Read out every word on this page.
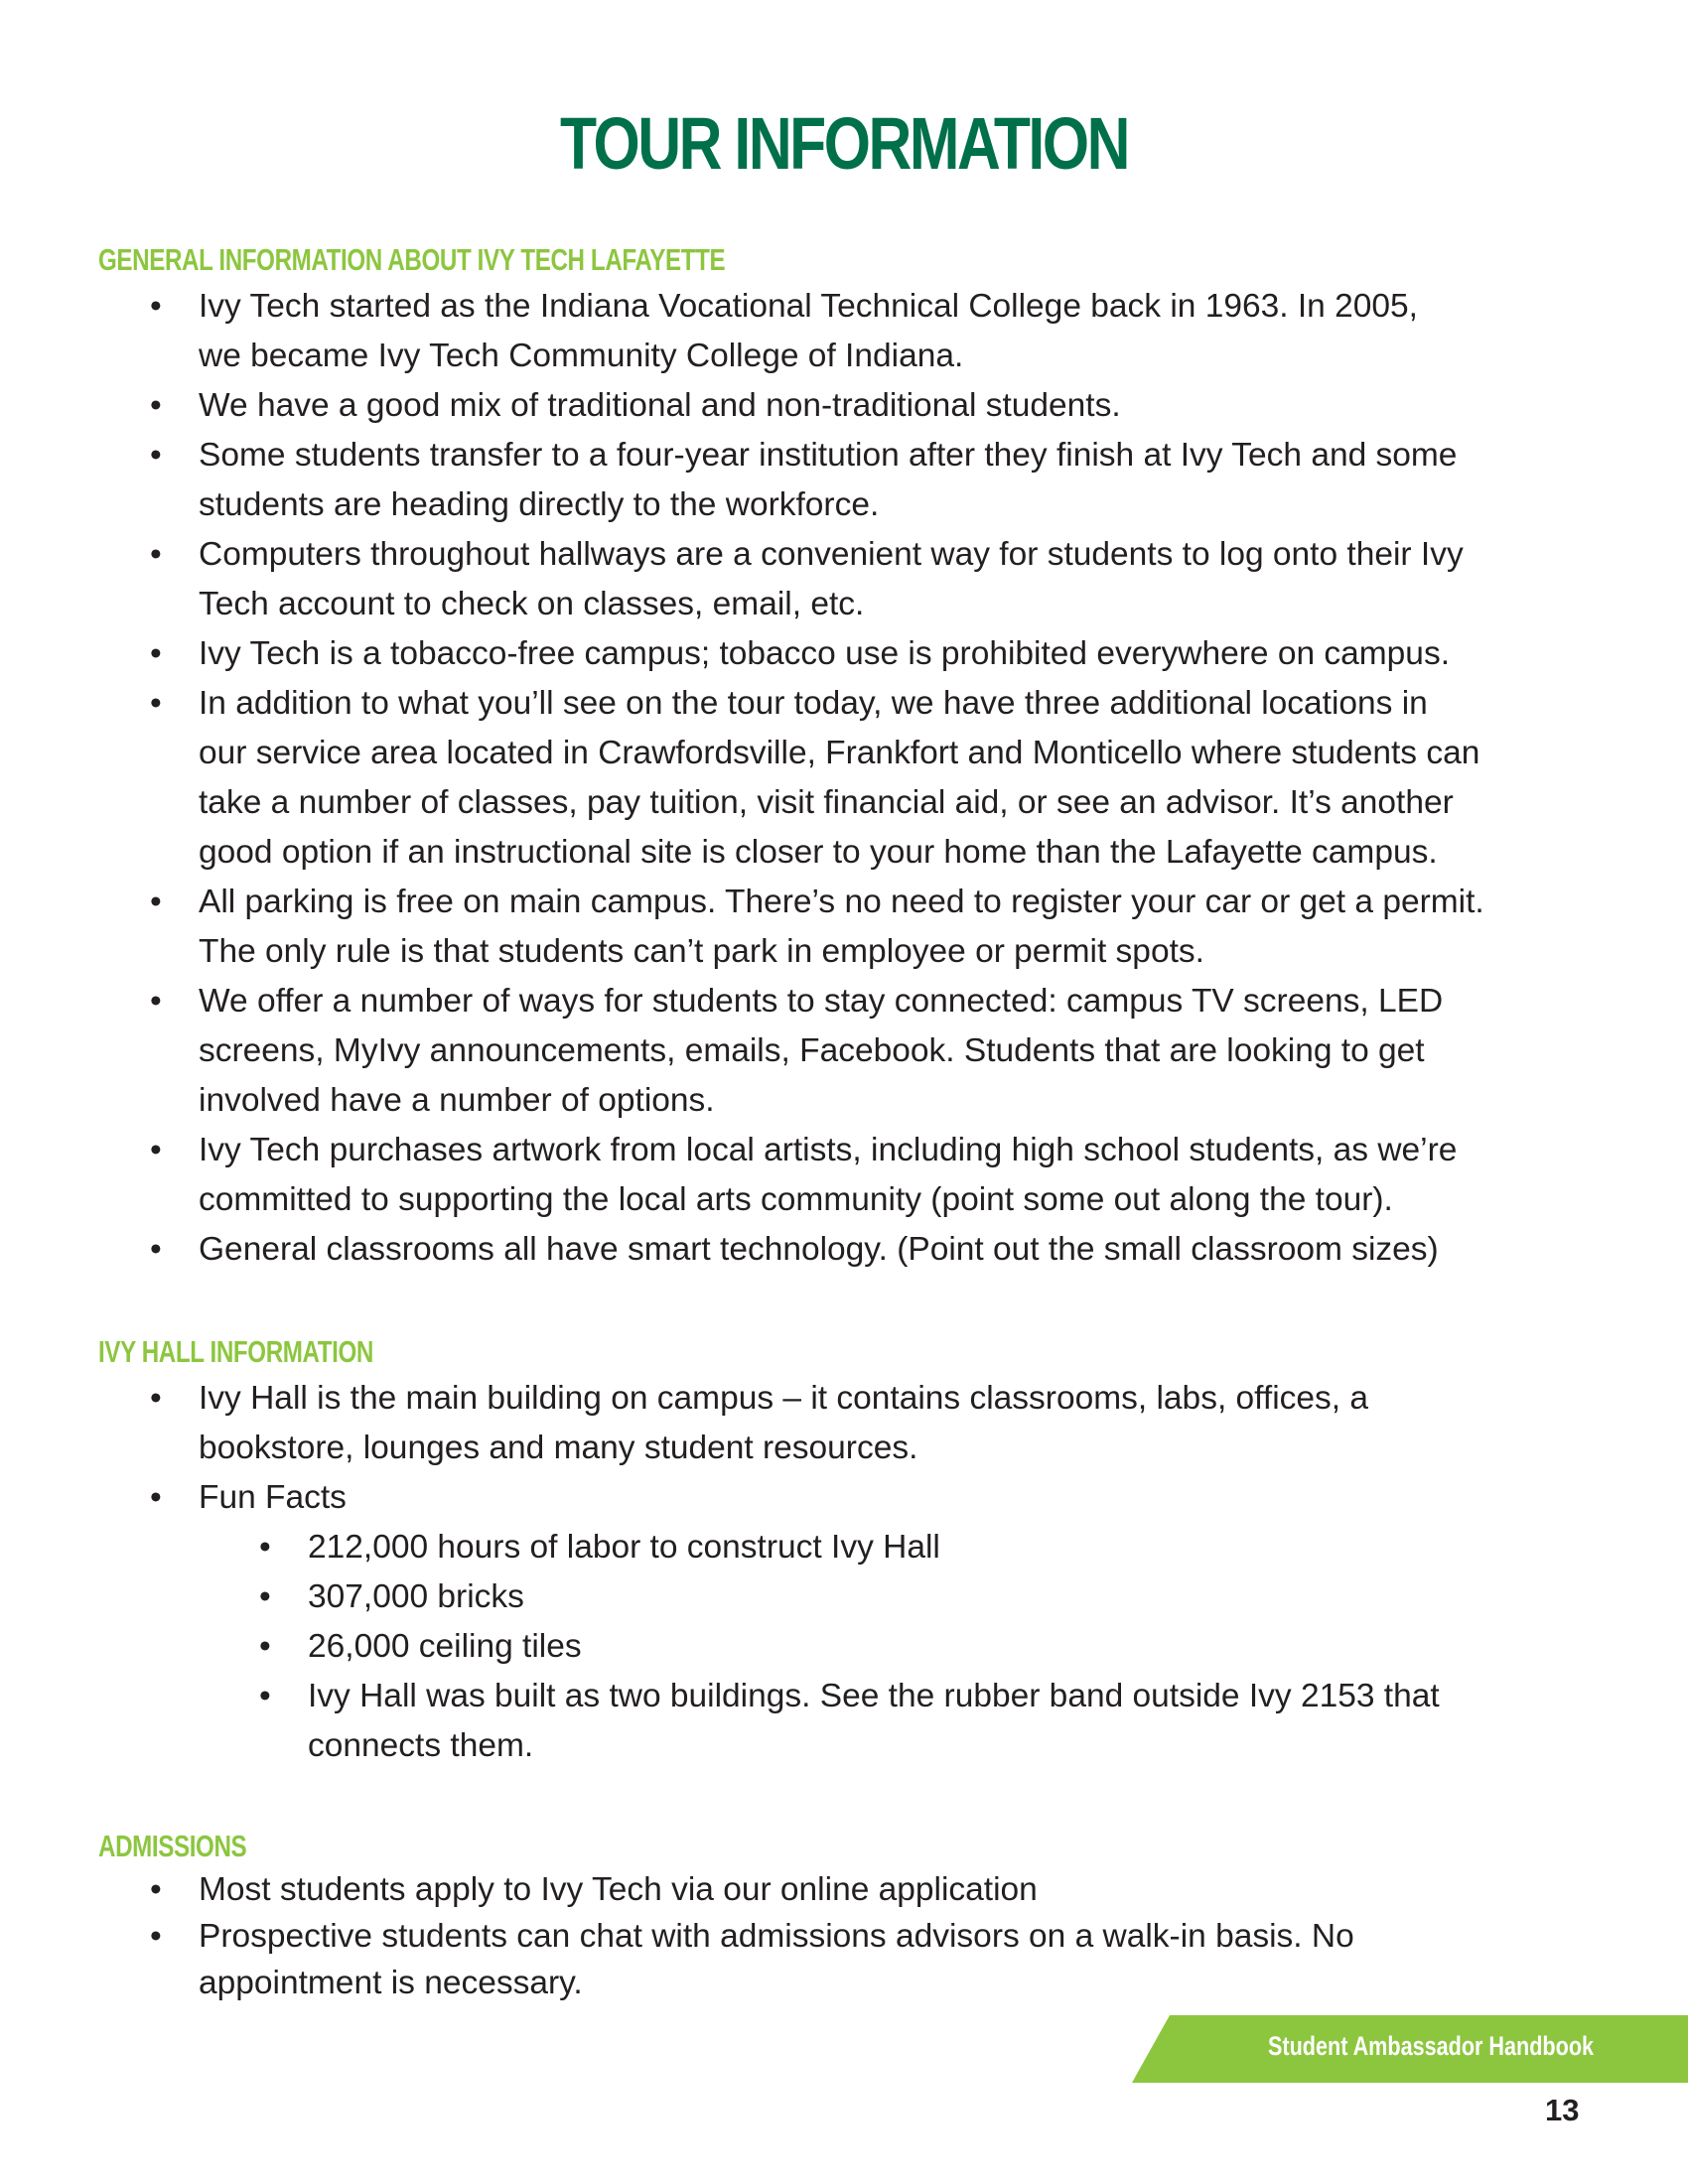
TOUR INFORMATION
GENERAL INFORMATION ABOUT IVY TECH LAFAYETTE
• Ivy Tech started as the Indiana Vocational Technical College back in 1963. In 2005,
we became Ivy Tech Community College of Indiana.
• We have a good mix of traditional and non-traditional students.
• Some students transfer to a four-year institution after they finish at Ivy Tech and some
students are heading directly to the workforce.
• Computers throughout hallways are a convenient way for students to log onto their Ivy
Tech account to check on classes, email, etc.
• Ivy Tech is a tobacco-free campus; tobacco use is prohibited everywhere on campus.
• In addition to what you’ll see on the tour today, we have three additional locations in
our service area located in Crawfordsville, Frankfort and Monticello where students can
take a number of classes, pay tuition, visit financial aid, or see an advisor. It’s another
good option if an instructional site is closer to your home than the Lafayette campus.
• All parking is free on main campus. There’s no need to register your car or get a permit.
The only rule is that students can’t park in employee or permit spots.
• We offer a number of ways for students to stay connected: campus TV screens, LED
screens, MyIvy announcements, emails, Facebook. Students that are looking to get
involved have a number of options.
• Ivy Tech purchases artwork from local artists, including high school students, as we’re
committed to supporting the local arts community (point some out along the tour).
• General classrooms all have smart technology. (Point out the small classroom sizes)
IVY HALL INFORMATION
• Ivy Hall is the main building on campus – it contains classrooms, labs, offices, a
bookstore, lounges and many student resources.
• Fun Facts
• 212,000 hours of labor to construct Ivy Hall
• 307,000 bricks
• 26,000 ceiling tiles
• Ivy Hall was built as two buildings. See the rubber band outside Ivy 2153 that
connects them.
ADMISSIONS
• Most students apply to Ivy Tech via our online application
• Prospective students can chat with admissions advisors on a walk-in basis. No
appointment is necessary.
Student Ambassador Handbook
13
